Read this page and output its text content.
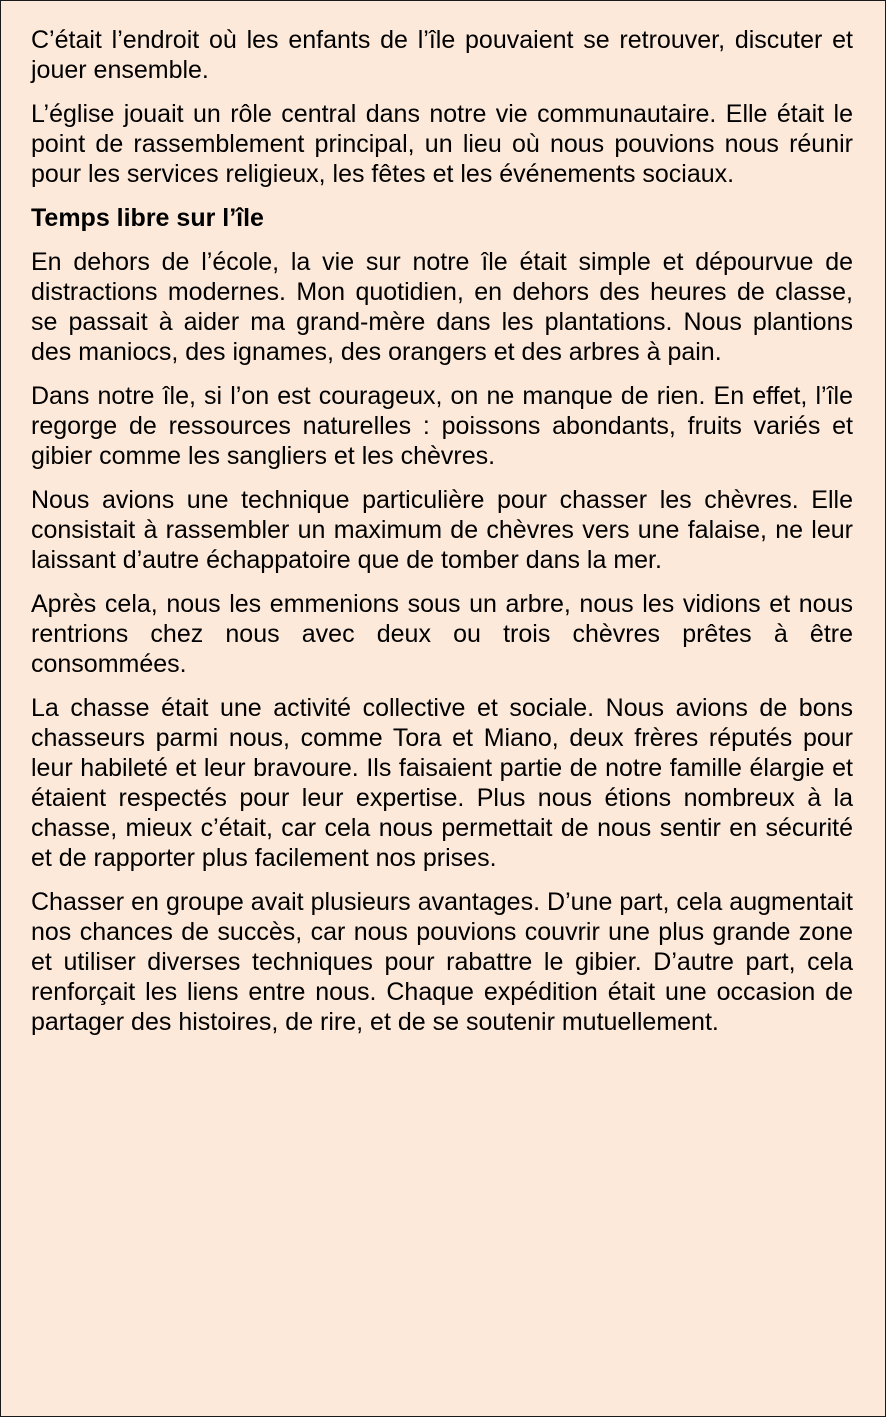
C’était l’endroit où les enfants de l’île pouvaient se retrouver, discuter et jouer ensemble.

L’église jouait un rôle central dans notre vie communautaire. Elle était le point de rassemblement principal, un lieu où nous pouvions nous réunir pour les services religieux, les fêtes et les événements sociaux.

Temps libre sur l’île

En dehors de l’école, la vie sur notre île était simple et dépourvue de distractions modernes. Mon quotidien, en dehors des heures de classe, se passait à aider ma grand-mère dans les plantations. Nous plantions des maniocs, des ignames, des orangers et des arbres à pain.

Dans notre île, si l’on est courageux, on ne manque de rien. En effet, l’île regorge de ressources naturelles : poissons abondants, fruits variés et gibier comme les sangliers et les chèvres.

Nous avions une technique particulière pour chasser les chèvres. Elle consistait à rassembler un maximum de chèvres vers une falaise, ne leur laissant d’autre échappatoire que de tomber dans la mer.

Après cela, nous les emmenions sous un arbre, nous les vidions et nous rentrions chez nous avec deux ou trois chèvres prêtes à être consommées.

La chasse était une activité collective et sociale. Nous avions de bons chasseurs parmi nous, comme Tora et Miano, deux frères réputés pour leur habileté et leur bravoure. Ils faisaient partie de notre famille élargie et étaient respectés pour leur expertise. Plus nous étions nombreux à la chasse, mieux c’était, car cela nous permettait de nous sentir en sécurité et de rapporter plus facilement nos prises.

Chasser en groupe avait plusieurs avantages. D’une part, cela augmentait nos chances de succès, car nous pouvions couvrir une plus grande zone et utiliser diverses techniques pour rabattre le gibier. D’autre part, cela renforçait les liens entre nous. Chaque expédition était une occasion de partager des histoires, de rire, et de se soutenir mutuellement.
